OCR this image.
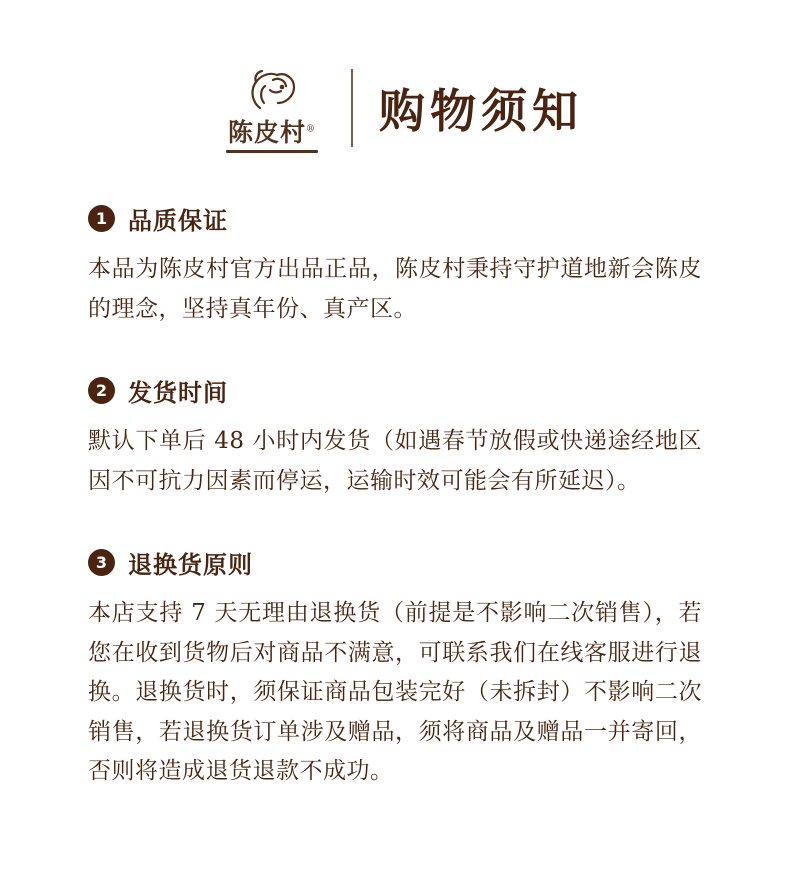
陈皮村® 购物须知
1 品质保证
本品为陈皮村官方出品正品，陈皮村秉持守护道地新会陈皮的理念，坚持真年份、真产区。
2 发货时间
默认下单后 48 小时内发货（如遇春节放假或快递途经地区因不可抗力因素而停运，运输时效可能会有所延迟）。
3 退换货原则
本店支持 7 天无理由退换货（前提是不影响二次销售），若您在收到货物后对商品不满意，可联系我们在线客服进行退换。退换货时，须保证商品包装完好（未拆封）不影响二次销售，若退换货订单涉及赠品，须将商品及赠品一并寄回，否则将造成退货退款不成功。
